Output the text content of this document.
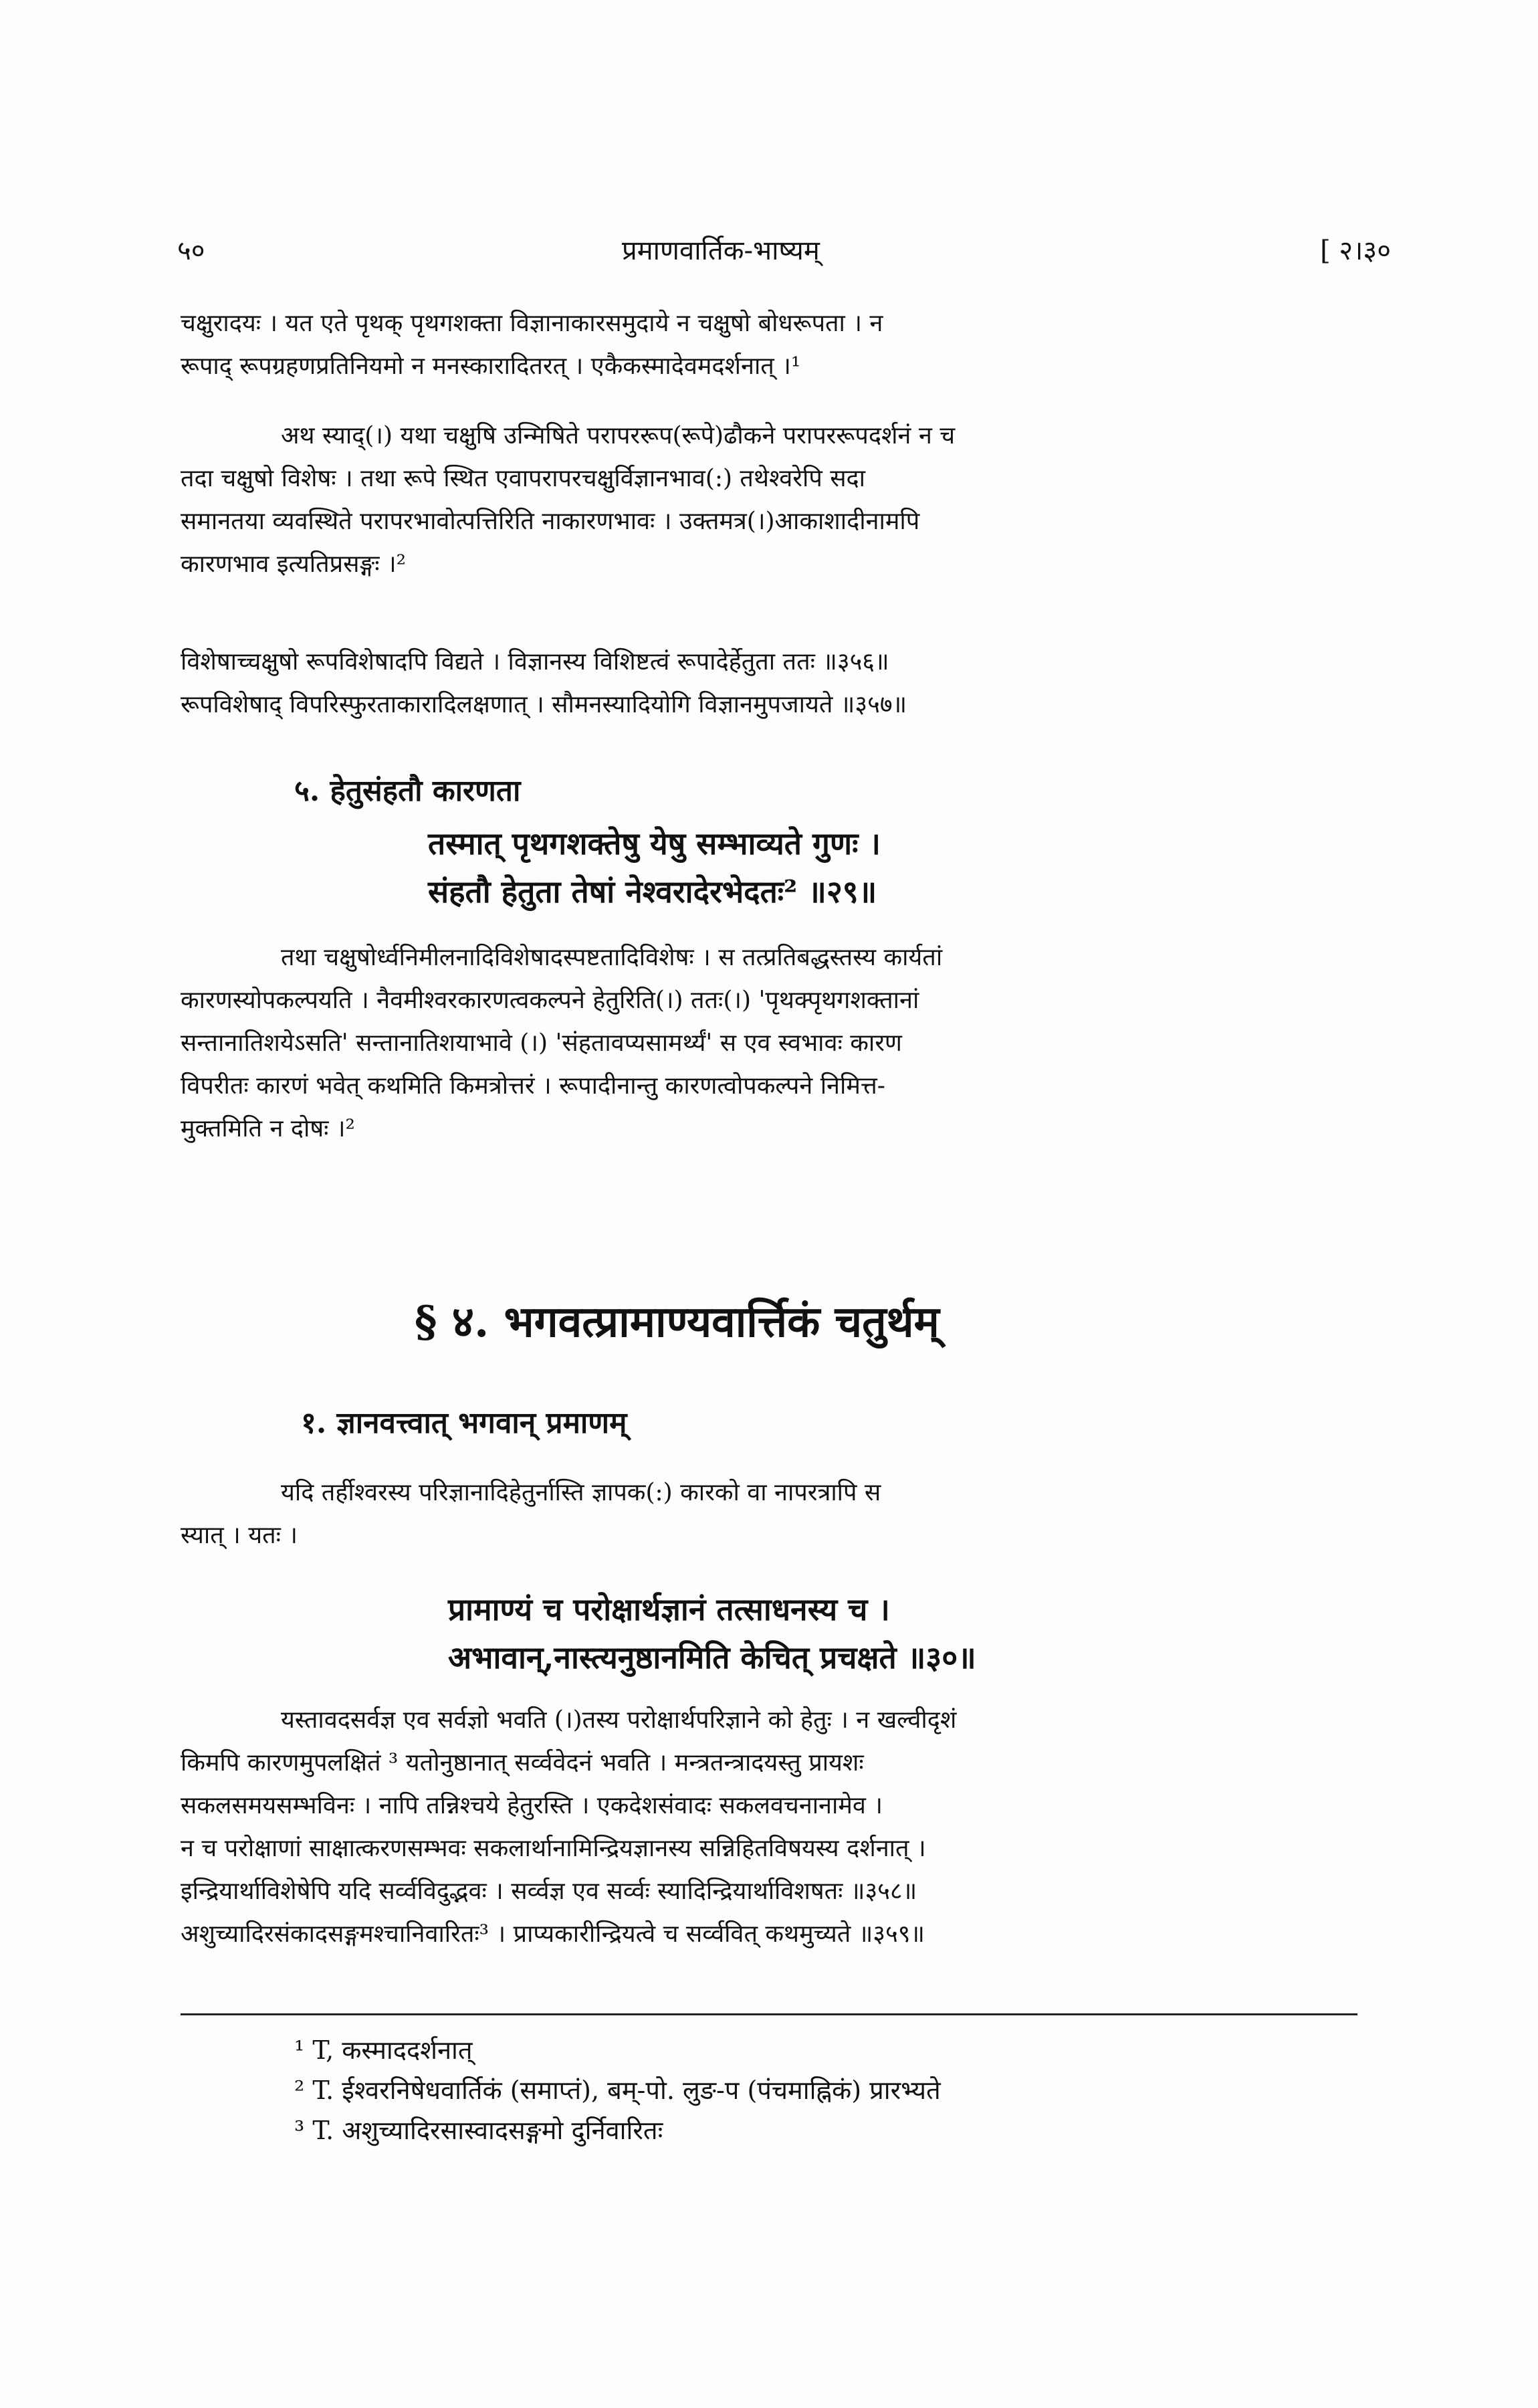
५०	प्रमाणवार्तिक-भाष्यम्	[ २।३०

चक्षुरादयः । यत एते पृथक् पृथगशक्ता विज्ञानाकारसमुदाये न चक्षुषो बोधरूपता । न

रूपाद् रूपग्रहणप्रतिनियमो न मनस्कारादितरत् । एकैकस्मादेवमदर्शनात् ।¹

अथ स्याद्(।) यथा चक्षुषि उन्मिषिते परापररूप(रूपे)ढौकने परापररूपदर्शनं न च

तदा चक्षुषो विशेषः । तथा रूपे स्थित एवापरापरचक्षुर्विज्ञानभाव(:) तथेश्वरेपि सदा

समानतया व्यवस्थिते परापरभावोत्पत्तिरिति नाकारणभावः । उक्तमत्र(।)आकाशादीनामपि

कारणभाव इत्यतिप्रसङ्गः ।²

विशेषाच्चक्षुषो रूपविशेषादपि विद्यते । विज्ञानस्य विशिष्टत्वं रूपादेर्हेतुता ततः ॥३५६॥

रूपविशेषाद् विपरिस्फुरताकारादिलक्षणात् । सौमनस्यादियोगि विज्ञानमुपजायते ॥३५७॥

५. हेतुसंहतौ कारणता
तस्मात् पृथगशक्तेषु येषु सम्भाव्यते गुणः ।
संहतौ हेतुता तेषां नेश्वरादेरभेदतः² ॥२९॥

तथा चक्षुषोर्ध्वनिमीलनादिविशेषादस्पष्टतादिविशेषः । स तत्प्रतिबद्धस्तस्य कार्यतां

कारणस्योपकल्पयति । नैवमीश्वरकारणत्वकल्पने हेतुरिति(।) ततः(।) 'पृथक्पृथगशक्तानां

सन्तानातिशयेऽसति' सन्तानातिशयाभावे (।) 'संहतावप्यसामर्थ्यं' स एव स्वभावः कारण

विपरीतः कारणं भवेत् कथमिति किमत्रोत्तरं । रूपादीनान्तु कारणत्वोपकल्पने निमित्त-

मुक्तमिति न दोषः ।²

§ ४. भगवत्प्रामाण्यवार्त्तिकं चतुर्थम्
१. ज्ञानवत्त्वात् भगवान् प्रमाणम्

यदि तर्हीश्वरस्य परिज्ञानादिहेतुर्नास्ति ज्ञापक(:) कारको वा नापरत्रापि स

स्यात् । यतः ।

प्रामाण्यं च परोक्षार्थज्ञानं तत्साधनस्य च ।
अभावान्,नास्त्यनुष्ठानमिति केचित् प्रचक्षते ॥३०॥

यस्तावदसर्वज्ञ एव सर्वज्ञो भवति (।)तस्य परोक्षार्थपरिज्ञाने को हेतुः । न खल्वीदृशं

किमपि कारणमुपलक्षितं ³ यतोनुष्ठानात् सर्व्ववेदनं भवति । मन्त्रतन्त्रादयस्तु प्रायशः

सकलसमयसम्भविनः । नापि तन्निश्चये हेतुरस्ति । एकदेशसंवादः सकलवचनानामेव ।

न च परोक्षाणां साक्षात्करणसम्भवः सकलार्थानामिन्द्रियज्ञानस्य सन्निहितविषयस्य दर्शनात् ।

इन्द्रियार्थाविशेषेपि यदि सर्व्वविदुद्भवः । सर्व्वज्ञ एव सर्व्वः स्यादिन्द्रियार्थाविशषतः ॥३५८॥

अशुच्यादिरसंकादसङ्गमश्चानिवारितः³ । प्राप्यकारीन्द्रियत्वे च सर्व्ववित् कथमुच्यते ॥३५९॥

¹ T, कस्माददर्शनात्
² T. ईश्वरनिषेधवार्तिकं (समाप्तं), बम्-पो. लुङ-प (पंचमाह्निकं) प्रारभ्यते
³ T. अशुच्यादिरसास्वादसङ्गमो दुर्निवारितः
